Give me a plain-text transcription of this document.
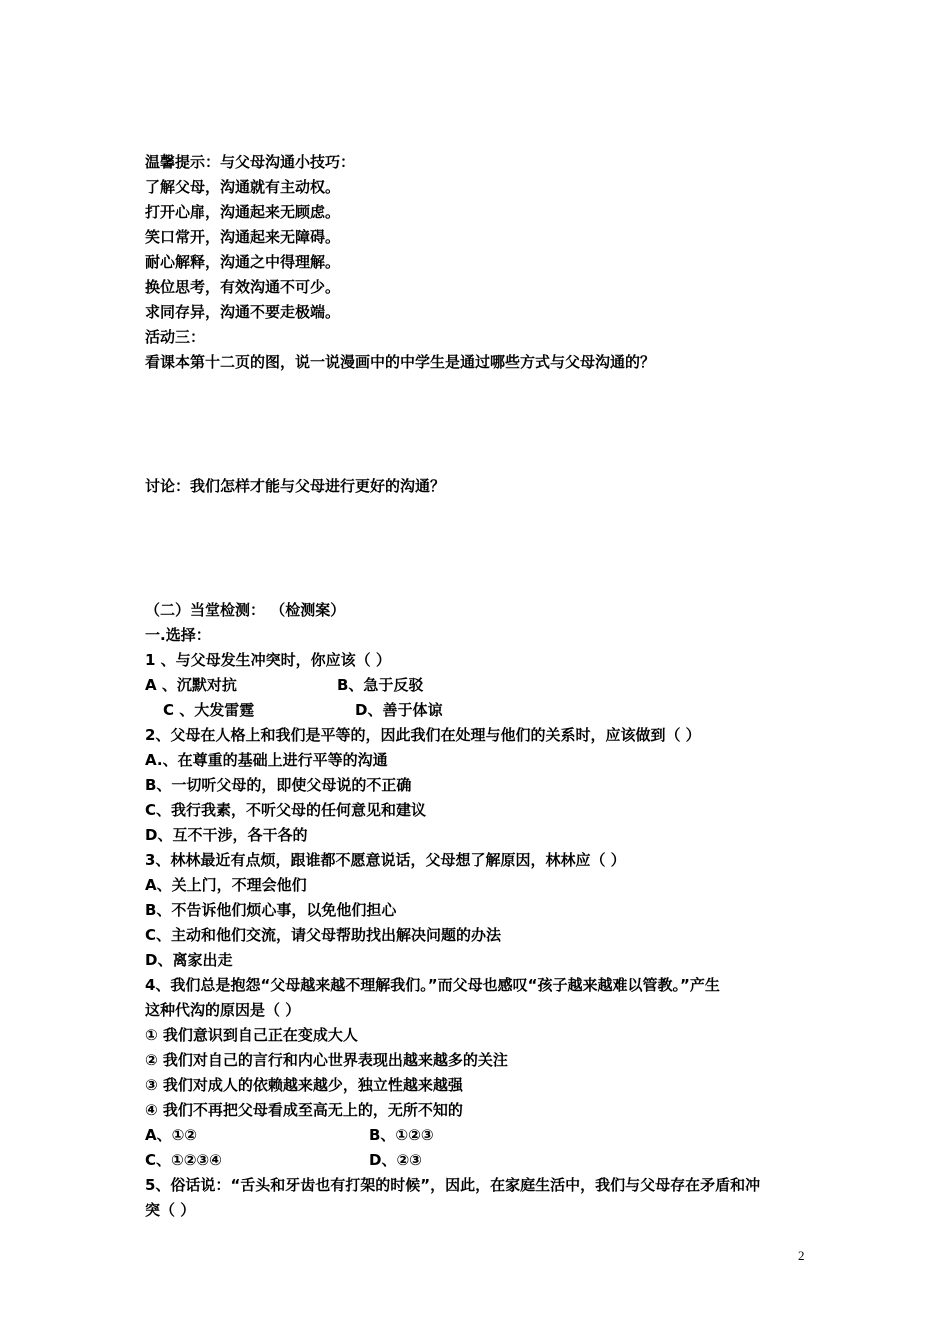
温馨提示：与父母沟通小技巧：
了解父母，沟通就有主动权。
打开心扉，沟通起来无顾虑。
笑口常开，沟通起来无障碍。
耐心解释，沟通之中得理解。
换位思考，有效沟通不可少。
求同存异，沟通不要走极端。
活动三：
看课本第十二页的图，说一说漫画中的中学生是通过哪些方式与父母沟通的？
讨论：我们怎样才能与父母进行更好的沟通？
（二）当堂检测： （检测案）
一.选择：
1 、与父母发生冲突时，你应该（ ）
A 、沉默对抗	B、急于反驳
C 、大发雷霆	D、善于体谅
2、父母在人格上和我们是平等的，因此我们在处理与他们的关系时，应该做到（ ）
A.、在尊重的基础上进行平等的沟通
B、一切听父母的，即使父母说的不正确
C、我行我素，不听父母的任何意见和建议
D、互不干涉，各干各的
3、林林最近有点烦，跟谁都不愿意说话，父母想了解原因，林林应（ ）
A、关上门，不理会他们
B、不告诉他们烦心事，以免他们担心
C、主动和他们交流，请父母帮助找出解决问题的办法
D、离家出走
4、我们总是抱怨“父母越来越不理解我们。”而父母也感叹“孩子越来越难以管教。”产生
这种代沟的原因是（ ）
① 我们意识到自己正在变成大人
② 我们对自己的言行和内心世界表现出越来越多的关注
③ 我们对成人的依赖越来越少，独立性越来越强
④ 我们不再把父母看成至高无上的，无所不知的
A、①②	B、①②③
C、①②③④	D、②③
5、俗话说：“舌头和牙齿也有打架的时候”，因此，在家庭生活中，我们与父母存在矛盾和冲
突（ ）
2
